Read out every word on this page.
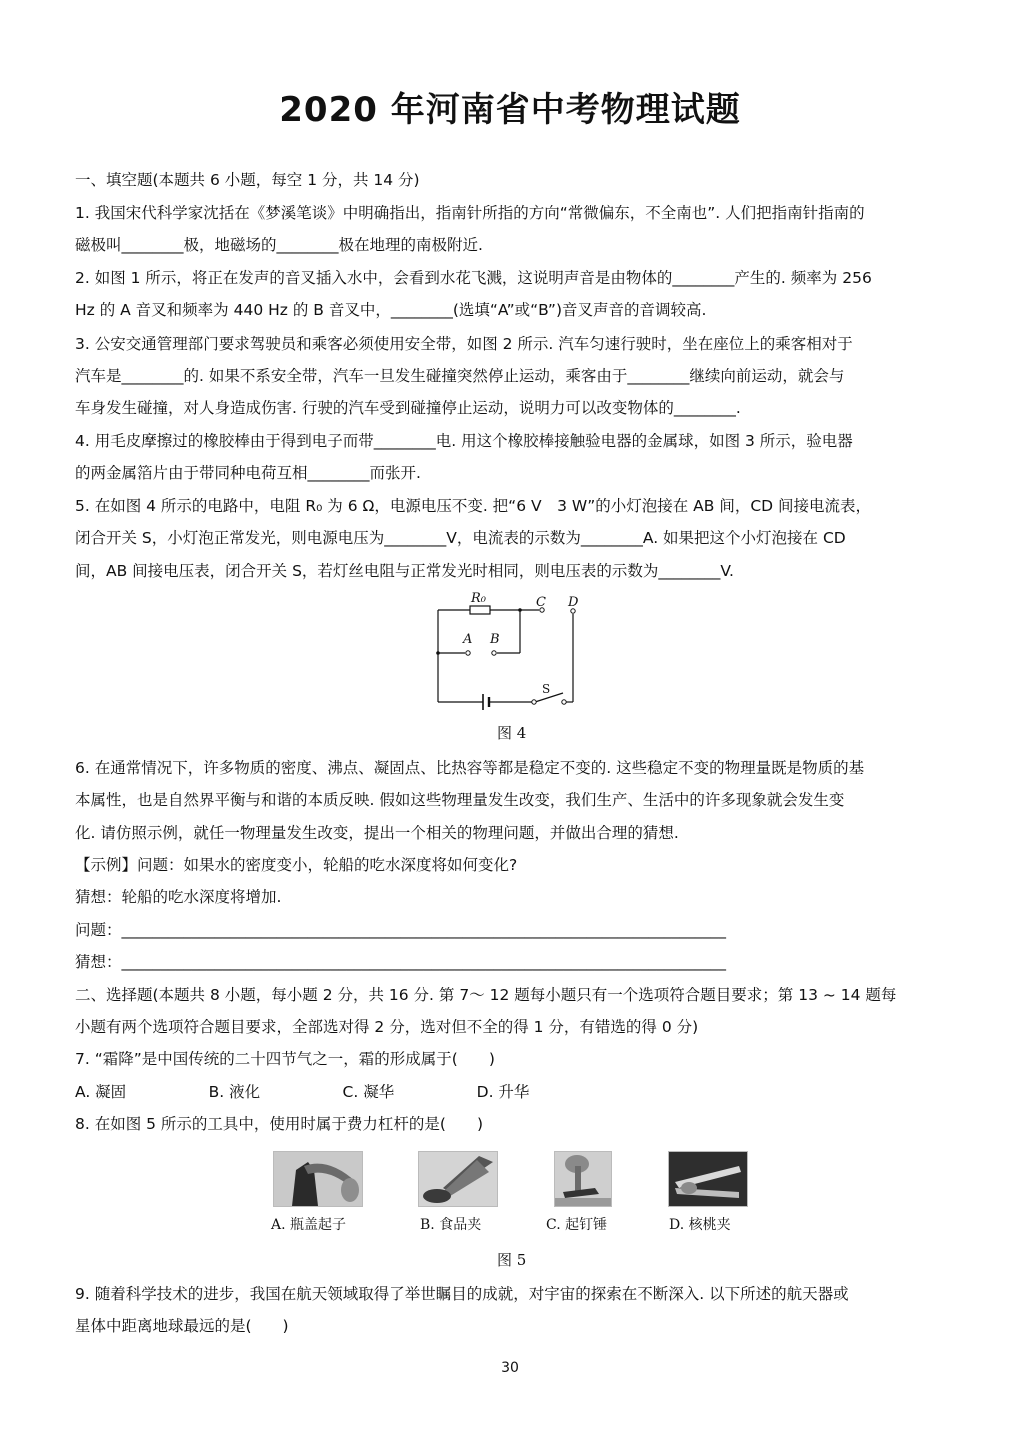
2020 年河南省中考物理试题
一、填空题(本题共 6 小题，每空 1 分，共 14 分)
1. 我国宋代科学家沈括在《梦溪笔谈》中明确指出，指南针所指的方向“常微偏东，不全南也”. 人们把指南针指南的
磁极叫________极，地磁场的________极在地理的南极附近.
2. 如图 1 所示，将正在发声的音叉插入水中，会看到水花飞溅，这说明声音是由物体的________产生的. 频率为 256
Hz 的 A 音叉和频率为 440 Hz 的 B 音叉中，________(选填“A”或“B”)音叉声音的音调较高.
3. 公安交通管理部门要求驾驶员和乘客必须使用安全带，如图 2 所示. 汽车匀速行驶时，坐在座位上的乘客相对于
汽车是________的. 如果不系安全带，汽车一旦发生碰撞突然停止运动，乘客由于________继续向前运动，就会与
车身发生碰撞，对人身造成伤害. 行驶的汽车受到碰撞停止运动，说明力可以改变物体的________.
4. 用毛皮摩擦过的橡胶棒由于得到电子而带________电. 用这个橡胶棒接触验电器的金属球，如图 3 所示，验电器
的两金属箔片由于带同种电荷互相________而张开.
5. 在如图 4 所示的电路中，电阻 R₀ 为 6 Ω，电源电压不变. 把“6 V　3 W”的小灯泡接在 AB 间，CD 间接电流表，
闭合开关 S，小灯泡正常发光，则电源电压为________V，电流表的示数为________A. 如果把这个小灯泡接在 CD
间，AB 间接电压表，闭合开关 S，若灯丝电阻与正常发光时相同，则电压表的示数为________V.
R₀
A B
C D
S
图 4
6. 在通常情况下，许多物质的密度、沸点、凝固点、比热容等都是稳定不变的. 这些稳定不变的物理量既是物质的基
本属性，也是自然界平衡与和谐的本质反映. 假如这些物理量发生改变，我们生产、生活中的许多现象就会发生变
化. 请仿照示例，就任一物理量发生改变，提出一个相关的物理问题，并做出合理的猜想.
【示例】问题：如果水的密度变小，轮船的吃水深度将如何变化?
猜想：轮船的吃水深度将增加.
问题：______________________________________________________________________________
猜想：______________________________________________________________________________
二、选择题(本题共 8 小题，每小题 2 分，共 16 分. 第 7～ 12 题每小题只有一个选项符合题目要求；第 13 ~ 14 题每
小题有两个选项符合题目要求，全部选对得 2 分，选对但不全的得 1 分，有错选的得 0 分)
7. “霜降”是中国传统的二十四节气之一，霜的形成属于(　　)
A. 凝固　　　　　 B. 液化　　　　　 C. 凝华　　　　　 D. 升华
8. 在如图 5 所示的工具中，使用时属于费力杠杆的是(　　)
A. 瓶盖起子	B. 食品夹	C. 起钉锤	D. 核桃夹
图 5
9. 随着科学技术的进步，我国在航天领域取得了举世瞩目的成就，对宇宙的探索在不断深入. 以下所述的航天器或
星体中距离地球最远的是(　　)
30
